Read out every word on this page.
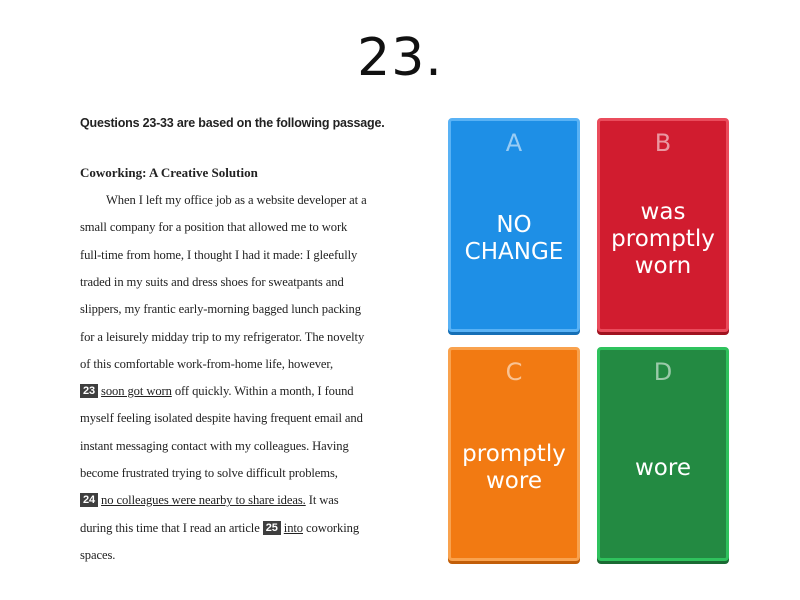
23.
Questions 23-33 are based on the following passage.
Coworking: A Creative Solution
When I left my office job as a website developer at a
small company for a position that allowed me to work
full-time from home, I thought I had it made: I gleefully
traded in my suits and dress shoes for sweatpants and
slippers, my frantic early-morning bagged lunch packing
for a leisurely midday trip to my refrigerator. The novelty
of this comfortable work-from-home life, however,
23 soon got worn off quickly. Within a month, I found
myself feeling isolated despite having frequent email and
instant messaging contact with my colleagues. Having
become frustrated trying to solve difficult problems,
24 no colleagues were nearby to share ideas. It was
during this time that I read an article 25 into coworking
spaces.
A
NO
CHANGE
B
was
promptly
worn
C
promptly
wore
D
wore
